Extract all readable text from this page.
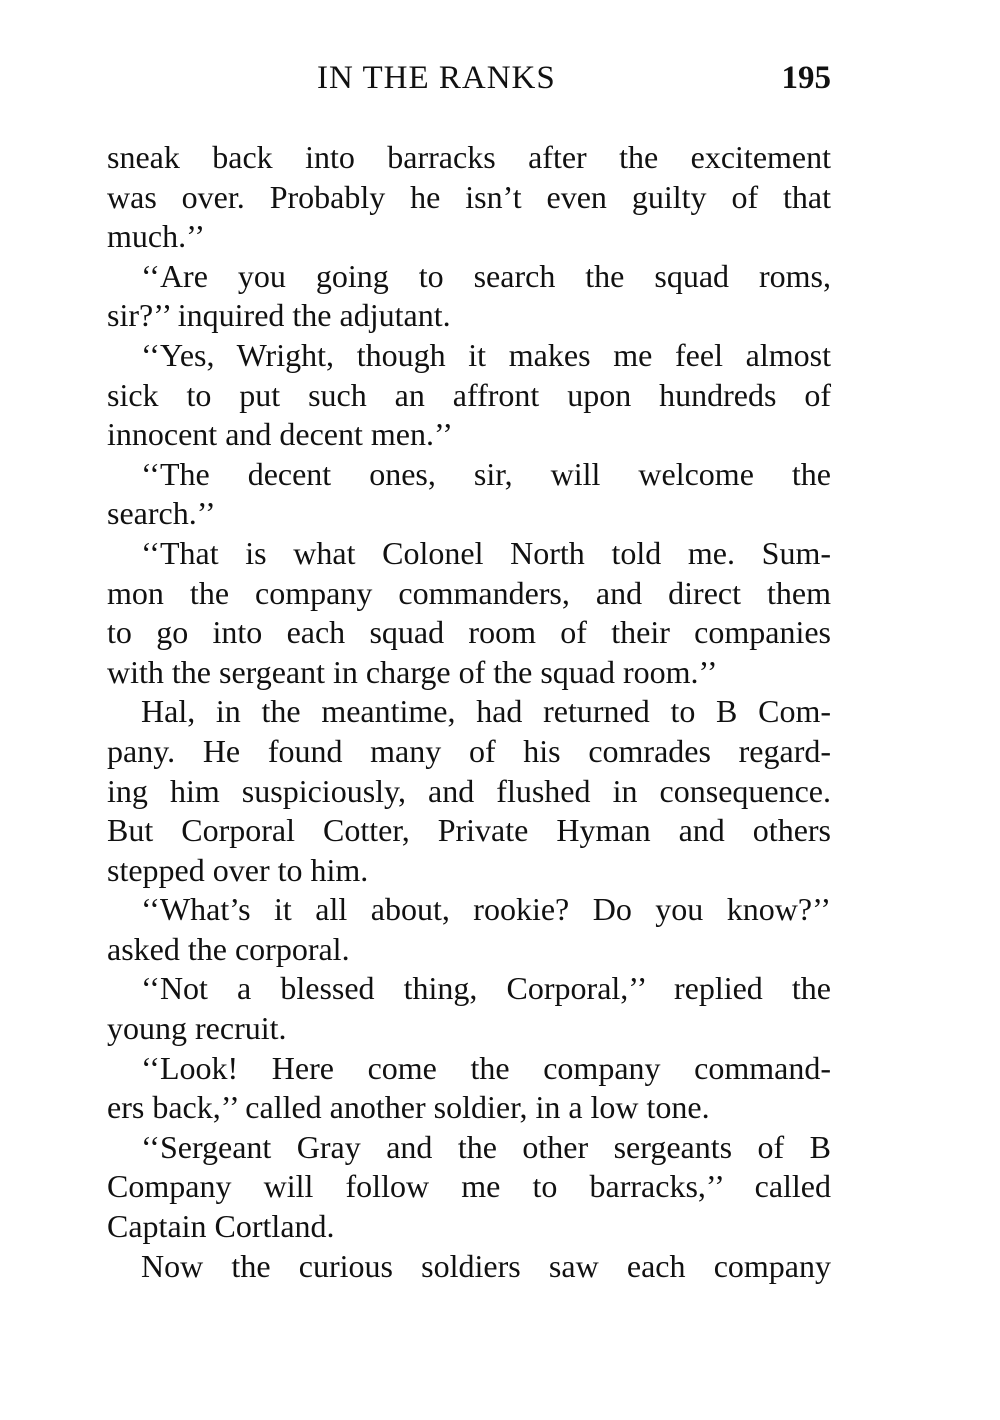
IN THE RANKS	195
sneak back into barracks after the excitement
was over. Probably he isn’t even guilty of that
much.’’
‘‘Are you going to search the squad roms,
sir?’’ inquired the adjutant.
‘‘Yes, Wright, though it makes me feel almost
sick to put such an affront upon hundreds of
innocent and decent men.’’
‘‘The decent ones, sir, will welcome the
search.’’
‘‘That is what Colonel North told me. Sum-
mon the company commanders, and direct them
to go into each squad room of their companies
with the sergeant in charge of the squad room.’’
Hal, in the meantime, had returned to B Com-
pany. He found many of his comrades regard-
ing him suspiciously, and flushed in consequence.
But Corporal Cotter, Private Hyman and others
stepped over to him.
‘‘What’s it all about, rookie? Do you know?’’
asked the corporal.
‘‘Not a blessed thing, Corporal,’’ replied the
young recruit.
‘‘Look! Here come the company command-
ers back,’’ called another soldier, in a low tone.
‘‘Sergeant Gray and the other sergeants of B
Company will follow me to barracks,’’ called
Captain Cortland.
Now the curious soldiers saw each company
